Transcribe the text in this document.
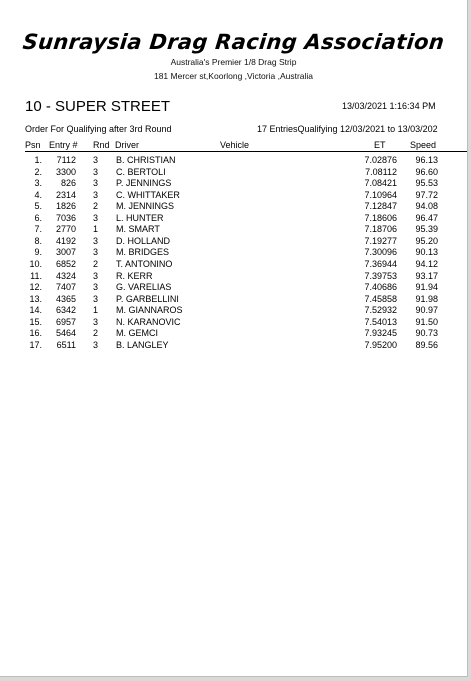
Sunraysia Drag Racing Association
Australia's Premier 1/8 Drag Strip
181 Mercer st,Koorlong ,Victoria ,Australia
10 - SUPER STREET	13/03/2021 1:16:34 PM
Order For Qualifying after 3rd Round	17 EntriesQualifying 12/03/2021 to 13/03/202
Psn Entry # Rnd Driver	Vehicle	ET	Speed
1.	7112 3 B. CHRISTIAN	7.02876	96.13
2.	3300 3 C. BERTOLI	7.08112	96.60
3.	826 3 P. JENNINGS	7.08421	95.53
4.	2314 3 C. WHITTAKER	7.10964	97.72
5.	1826 2 M. JENNINGS	7.12847	94.08
6.	7036 3 L. HUNTER	7.18606	96.47
7.	2770 1 M. SMART	7.18706	95.39
8.	4192 3 D. HOLLAND	7.19277	95.20
9.	3007 3 M. BRIDGES	7.30096	90.13
10.	6852 2 T. ANTONINO	7.36944	94.12
11.	4324 3 R. KERR	7.39753	93.17
12.	7407 3 G. VARELIAS	7.40686	91.94
13.	4365 3 P. GARBELLINI	7.45858	91.98
14.	6342 1 M. GIANNAROS	7.52932	90.97
15.	6957 3 N. KARANOVIC	7.54013	91.50
16.	5464 2 M. GEMCI	7.93245	90.73
17.	6511 3 B. LANGLEY	7.95200	89.56
